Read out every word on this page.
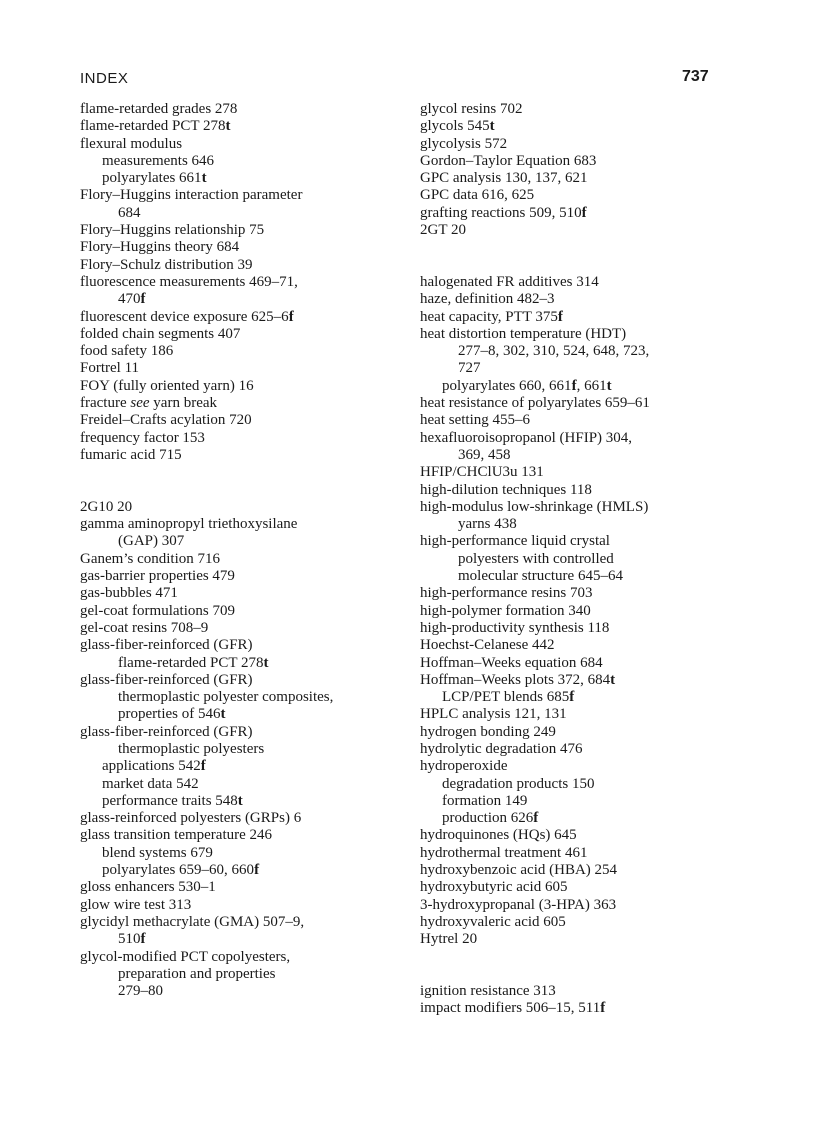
INDEX	737
flame-retarded grades 278
flame-retarded PCT 278t
flexural modulus
measurements 646
polyarylates 661t
Flory–Huggins interaction parameter
684
Flory–Huggins relationship 75
Flory–Huggins theory 684
Flory–Schulz distribution 39
fluorescence measurements 469–71,
470f
fluorescent device exposure 625–6f
folded chain segments 407
food safety 186
Fortrel 11
FOY (fully oriented yarn) 16
fracture see yarn break
Freidel–Crafts acylation 720
frequency factor 153
fumaric acid 715
2G10 20
gamma aminopropyl triethoxysilane
(GAP) 307
Ganem’s condition 716
gas-barrier properties 479
gas-bubbles 471
gel-coat formulations 709
gel-coat resins 708–9
glass-fiber-reinforced (GFR)
flame-retarded PCT 278t
glass-fiber-reinforced (GFR)
thermoplastic polyester composites,
properties of 546t
glass-fiber-reinforced (GFR)
thermoplastic polyesters
applications 542f
market data 542
performance traits 548t
glass-reinforced polyesters (GRPs) 6
glass transition temperature 246
blend systems 679
polyarylates 659–60, 660f
gloss enhancers 530–1
glow wire test 313
glycidyl methacrylate (GMA) 507–9,
510f
glycol-modified PCT copolyesters,
preparation and properties
279–80
glycol resins 702
glycols 545t
glycolysis 572
Gordon–Taylor Equation 683
GPC analysis 130, 137, 621
GPC data 616, 625
grafting reactions 509, 510f
2GT 20
halogenated FR additives 314
haze, definition 482–3
heat capacity, PTT 375f
heat distortion temperature (HDT)
277–8, 302, 310, 524, 648, 723,
727
polyarylates 660, 661f, 661t
heat resistance of polyarylates 659–61
heat setting 455–6
hexafluoroisopropanol (HFIP) 304,
369, 458
HFIP/CHClU3u 131
high-dilution techniques 118
high-modulus low-shrinkage (HMLS)
yarns 438
high-performance liquid crystal
polyesters with controlled
molecular structure 645–64
high-performance resins 703
high-polymer formation 340
high-productivity synthesis 118
Hoechst-Celanese 442
Hoffman–Weeks equation 684
Hoffman–Weeks plots 372, 684t
LCP/PET blends 685f
HPLC analysis 121, 131
hydrogen bonding 249
hydrolytic degradation 476
hydroperoxide
degradation products 150
formation 149
production 626f
hydroquinones (HQs) 645
hydrothermal treatment 461
hydroxybenzoic acid (HBA) 254
hydroxybutyric acid 605
3-hydroxypropanal (3-HPA) 363
hydroxyvaleric acid 605
Hytrel 20
ignition resistance 313
impact modifiers 506–15, 511f
